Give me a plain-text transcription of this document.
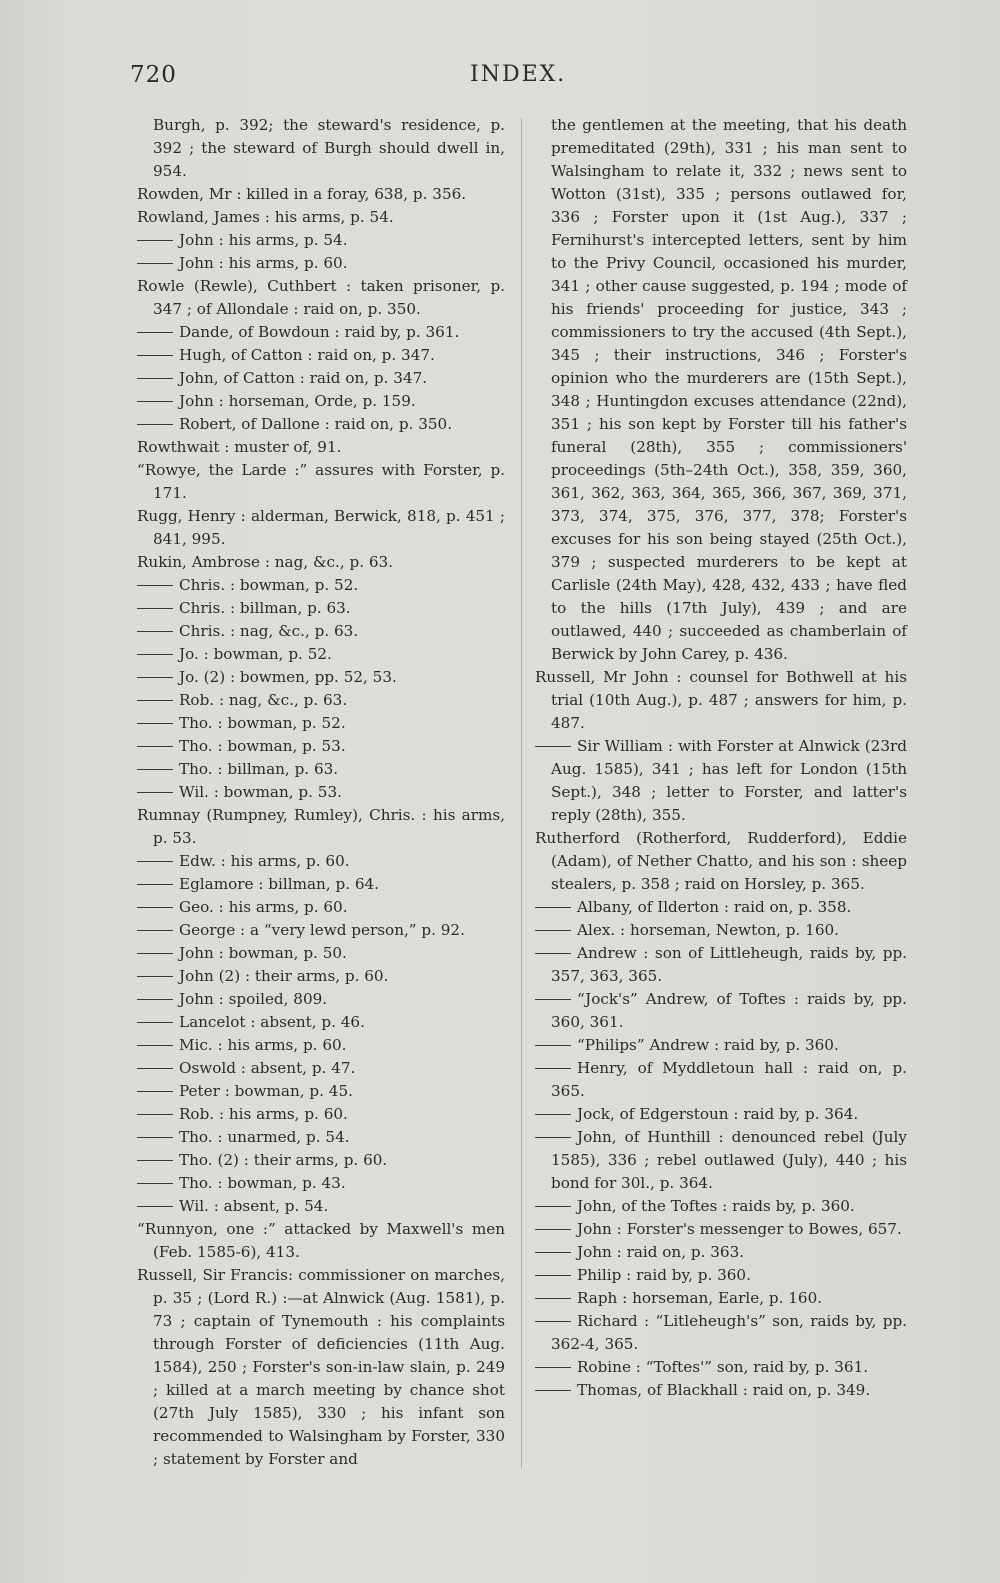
720	INDEX.

Burgh, p. 392; the steward's residence, p. 392 ; the steward of Burgh should dwell in, 954.

Rowden, Mr : killed in a foray, 638, p. 356.

Rowland, James : his arms, p. 54.

John : his arms, p. 54.

John : his arms, p. 60.

Rowle (Rewle), Cuthbert : taken prisoner, p. 347 ; of Allondale : raid on, p. 350.

Dande, of Bowdoun : raid by, p. 361.

Hugh, of Catton : raid on, p. 347.

John, of Catton : raid on, p. 347.

John : horseman, Orde, p. 159.

Robert, of Dallone : raid on, p. 350.

Rowthwait : muster of, 91.

“Rowye, the Larde :” assures with Forster, p. 171.

Rugg, Henry : alderman, Berwick, 818, p. 451 ; 841, 995.

Rukin, Ambrose : nag, &c., p. 63.

Chris. : bowman, p. 52.

Chris. : billman, p. 63.

Chris. : nag, &c., p. 63.

Jo. : bowman, p. 52.

Jo. (2) : bowmen, pp. 52, 53.

Rob. : nag, &c., p. 63.

Tho. : bowman, p. 52.

Tho. : bowman, p. 53.

Tho. : billman, p. 63.

Wil. : bowman, p. 53.

Rumnay (Rumpney, Rumley), Chris. : his arms, p. 53.

Edw. : his arms, p. 60.

Eglamore : billman, p. 64.

Geo. : his arms, p. 60.

George : a “very lewd person,” p. 92.

John : bowman, p. 50.

John (2) : their arms, p. 60.

John : spoiled, 809.

Lancelot : absent, p. 46.

Mic. : his arms, p. 60.

Oswold : absent, p. 47.

Peter : bowman, p. 45.

Rob. : his arms, p. 60.

Tho. : unarmed, p. 54.

Tho. (2) : their arms, p. 60.

Tho. : bowman, p. 43.

Wil. : absent, p. 54.

“Runnyon, one :” attacked by Maxwell's men (Feb. 1585-6), 413.

Russell, Sir Francis: commissioner on marches, p. 35 ; (Lord R.) :—at Alnwick (Aug. 1581), p. 73 ; captain of Tynemouth : his complaints through Forster of deficiencies (11th Aug. 1584), 250 ; Forster's son-in-law slain, p. 249 ; killed at a march meeting by chance shot (27th July 1585), 330 ; his infant son recommended to Walsingham by Forster, 330 ; statement by Forster and

the gentlemen at the meeting, that his death premeditated (29th), 331 ; his man sent to Walsingham to relate it, 332 ; news sent to Wotton (31st), 335 ; persons outlawed for, 336 ; Forster upon it (1st Aug.), 337 ; Fernihurst's intercepted letters, sent by him to the Privy Council, occasioned his murder, 341 ; other cause suggested, p. 194 ; mode of his friends' proceeding for justice, 343 ; commissioners to try the accused (4th Sept.), 345 ; their instructions, 346 ; Forster's opinion who the murderers are (15th Sept.), 348 ; Huntingdon excuses attendance (22nd), 351 ; his son kept by Forster till his father's funeral (28th), 355 ; commissioners' proceedings (5th–24th Oct.), 358, 359, 360, 361, 362, 363, 364, 365, 366, 367, 369, 371, 373, 374, 375, 376, 377, 378; Forster's excuses for his son being stayed (25th Oct.), 379 ; suspected murderers to be kept at Carlisle (24th May), 428, 432, 433 ; have fled to the hills (17th July), 439 ; and are outlawed, 440 ; succeeded as chamberlain of Berwick by John Carey, p. 436.

Russell, Mr John : counsel for Bothwell at his trial (10th Aug.), p. 487 ; answers for him, p. 487.

Sir William : with Forster at Alnwick (23rd Aug. 1585), 341 ; has left for London (15th Sept.), 348 ; letter to Forster, and latter's reply (28th), 355.

Rutherford (Rotherford, Rudderford), Eddie (Adam), of Nether Chatto, and his son : sheep stealers, p. 358 ; raid on Horsley, p. 365.

Albany, of Ilderton : raid on, p. 358.

Alex. : horseman, Newton, p. 160.

Andrew : son of Littleheugh, raids by, pp. 357, 363, 365.

“Jock's” Andrew, of Toftes : raids by, pp. 360, 361.

“Philips” Andrew : raid by, p. 360.

Henry, of Myddletoun hall : raid on, p. 365.

Jock, of Edgerstoun : raid by, p. 364.

John, of Hunthill : denounced rebel (July 1585), 336 ; rebel outlawed (July), 440 ; his bond for 30l., p. 364.

John, of the Toftes : raids by, p. 360.

John : Forster's messenger to Bowes, 657.

John : raid on, p. 363.

Philip : raid by, p. 360.

Raph : horseman, Earle, p. 160.

Richard : “Litleheugh's” son, raids by, pp. 362-4, 365.

Robine : “Toftes'” son, raid by, p. 361.

Thomas, of Blackhall : raid on, p. 349.
